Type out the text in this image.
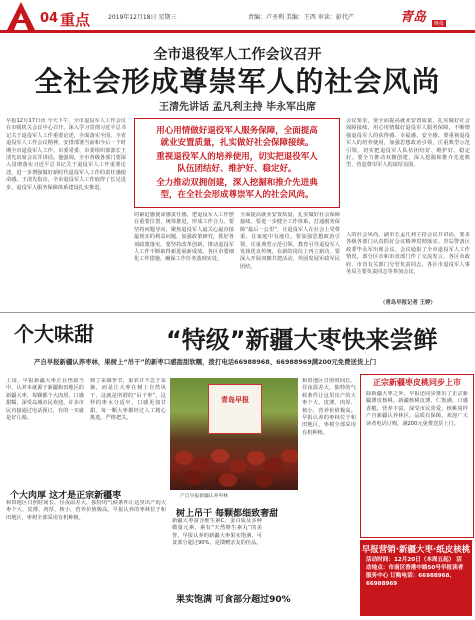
04 重点	2019年12月18日 星期三	责编：卢圣利 美编：王西 审读：彭代产	青岛	晚报
全市退役军人工作会议召开
全社会形成尊崇军人的社会风尚
王清先讲话 孟凡利主持 毕永军出席
早报12月17日讯 今天下午，全市退役军人工作会议在市级机关会议中心召开。深入学习贯彻习近平总书记关于退役军人工作重要论述，全面落实全国、全省退役军人工作会议精神，安排部署当前和今后一个时期全市退役军人工作。市委常委、市委组织部部长王清先出席会议并讲话。他强调，全市各级各部门要深入贯彻落实习近平总书记关于退役军人工作重要论述，进一步增强做好新时代退役军人工作的责任感使命感。王清先指出，全市退役军人工作取得了长足进步，退役军人服务保障体系建设扎实推进。
用心用情做好退役军人服务保障，全面提高
就业安置质量，扎实做好社会保障接续。
重视退役军人的培养使用，切实把退役军人
队伍团结好、维护好、稳定好。
全力推动双拥创建，深入挖掘和推介先进典
型，在全社会形成尊崇军人的社会风尚。
的紧迫感使命感责任感，把退役军人工作摆在重要位置，统筹推进，形成工作合力。要坚持问题导向，聚焦退役军人最关心最直接最现实的利益问题，加强政策研究，抓好各项政策落实。要坚持改革创新，推动退役军人工作不断取得新进展新成效。各区市要细化工作措施，确保工作任务落到实处。
全面提高就业安置质量，扎实做好社会保障接续。要进一步健全工作体系，打通服务保障“最后一公里”，让退役军人在社会上受尊重、在家庭中有地位。要加强思想政治引领，注重典型示范引领，教育引导退役军人发扬优良传统，在新的岗位上再立新功。要深入开展双拥共建活动，巩固发展军政军民团结。
会议要求，要全面提高就业安置质量，扎实做好社会保障接续，用心用情做好退役军人服务保障，不断增强退役军人的获得感、幸福感、安全感。要重视退役军人的培养使用，加强思想政治引领，注重典型示范引领，切实把退役军人队伍团结好、维护好、稳定好。要全力推动双拥创建，深入挖掘和推介先进典型，营造尊崇军人的浓厚氛围。
人的社会风尚。副市长孟凡利主持会议并讲话，要求各级各部门认真抓好会议精神贯彻落实。青岛警备区政委毕永军出席会议。会议通报了全市退役军人工作情况，部分区市和市直部门作了交流发言。各区市政府、市直有关部门分管负责同志，各区市退役军人事务局主要负责同志等参加会议。
（青岛早报记者 王婷）
个大味甜	“特级”新疆大枣快来尝鲜
产自早报新疆认养枣林，果树上“吊干”的新枣口感甜甜软糯，拨打电话66988968、66988969满200元免费送货上门
上周，早报新疆大枣正在热销当中，认养本就源于新疆和田地区的新疆大枣，每颗都个大肉厚，口感甜糯，深受岛城市民欢迎。许多市民直接通过电话预订，有的一买就是好几箱。
个大肉厚 这才是正宗新疆枣
和田地区日照时间长、昼夜温差大，独特的气候条件让这里出产的大枣个大、皮薄、肉厚、核小，营养价值极高。早报认养的枣林位于和田地区，枣树全部采用有机种植。
到了采摘季节，果农并不急于采摘，而是让大枣在树上自然风干，这就是所谓的“吊干枣”。这样的枣水分适中，口感更加甘甜。每一颗大枣都经过人工精心挑选，严格把关。
青岛早报
产自早报新疆认养枣林
树上吊干 每颗都细致奢甜
新疆大枣富含维生素C、蛋白质及多种微量元素，素有“天然维生素丸”的美誉。早报认养的新疆大枣果实饱满，可食部分超过90%，是馈赠亲友的佳品。
果实饱满 可食部分超过90%
和田地区日照时间长、昼夜温差大，独特的气候条件让这里出产的大枣个大、皮薄、肉厚、核小，营养价值极高。早报认养的枣林位于和田地区，枣树全部采用有机种植。
正宗新疆枣皮桃同步上市
除新疆大枣之外，早报还同步推出了正宗新疆薄皮核桃。新疆核桃皮薄、仁饱满、口感香脆，营养丰富，深受市民喜爱。核桃同样产自新疆认养林区，品质有保障。欢迎广大读者电话订购，满200元免费送货上门。
早报营销·新疆大枣·纸皮核桃
活动时间：12月20日（本周五起） 活动地点：市南区香港中路50号早报读者服务中心 订购电话：66988968、66988969
